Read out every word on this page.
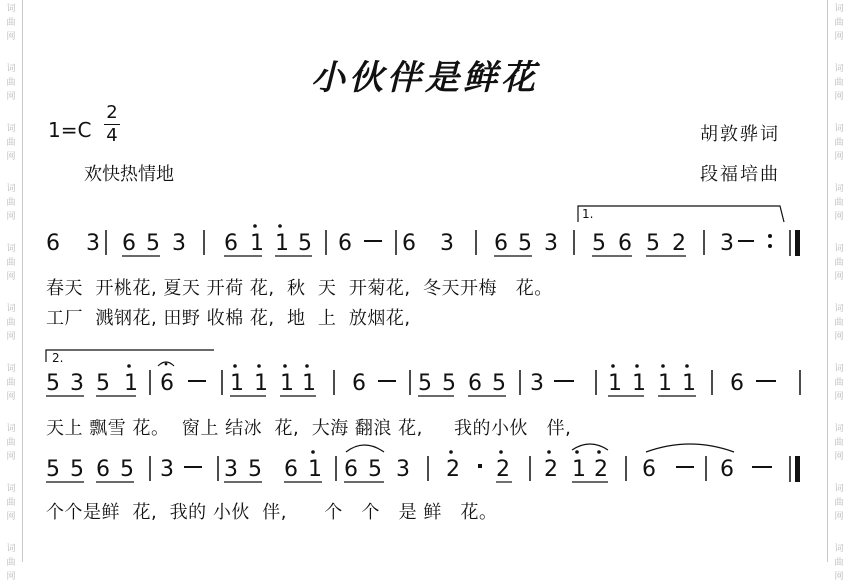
词
曲
网
词
曲
网
词
曲
网
词
曲
网
词
曲
网
词
曲
网
词
曲
网
词
曲
网
词
曲
网
词
曲
网
词
曲
网
词
曲
网
词
曲
网
词
曲
网
词
曲
网
词
曲
网
词
曲
网
词
曲
网
词
曲
网
词
曲
网
小伙伴是鲜花
1=C
2
4
欢快热情地
胡敦骅词
段福培曲
6 3 6 5 3 6 1 1 5 6 6 3 6 5 3 5 6 5 2 3
5 3 5 1 6	1 1 1 1 6 5 5 6 5 3	1 1 1 1 6
5 5 6 5 3 3 5 6 1 6 5 3 2 2 2 1 2 6	6
1.
2.
春天  开桃花, 夏天 开荷 花,  秋  天  开菊花,  冬天开梅   花。
工厂  溅钢花, 田野 收棉 花,  地  上  放烟花,
天上 飘雪 花。  窗上 结冰  花,  大海 翻浪 花,     我的小伙   伴,
个个是鲜  花,  我的 小伙  伴,      个   个   是 鲜   花。
